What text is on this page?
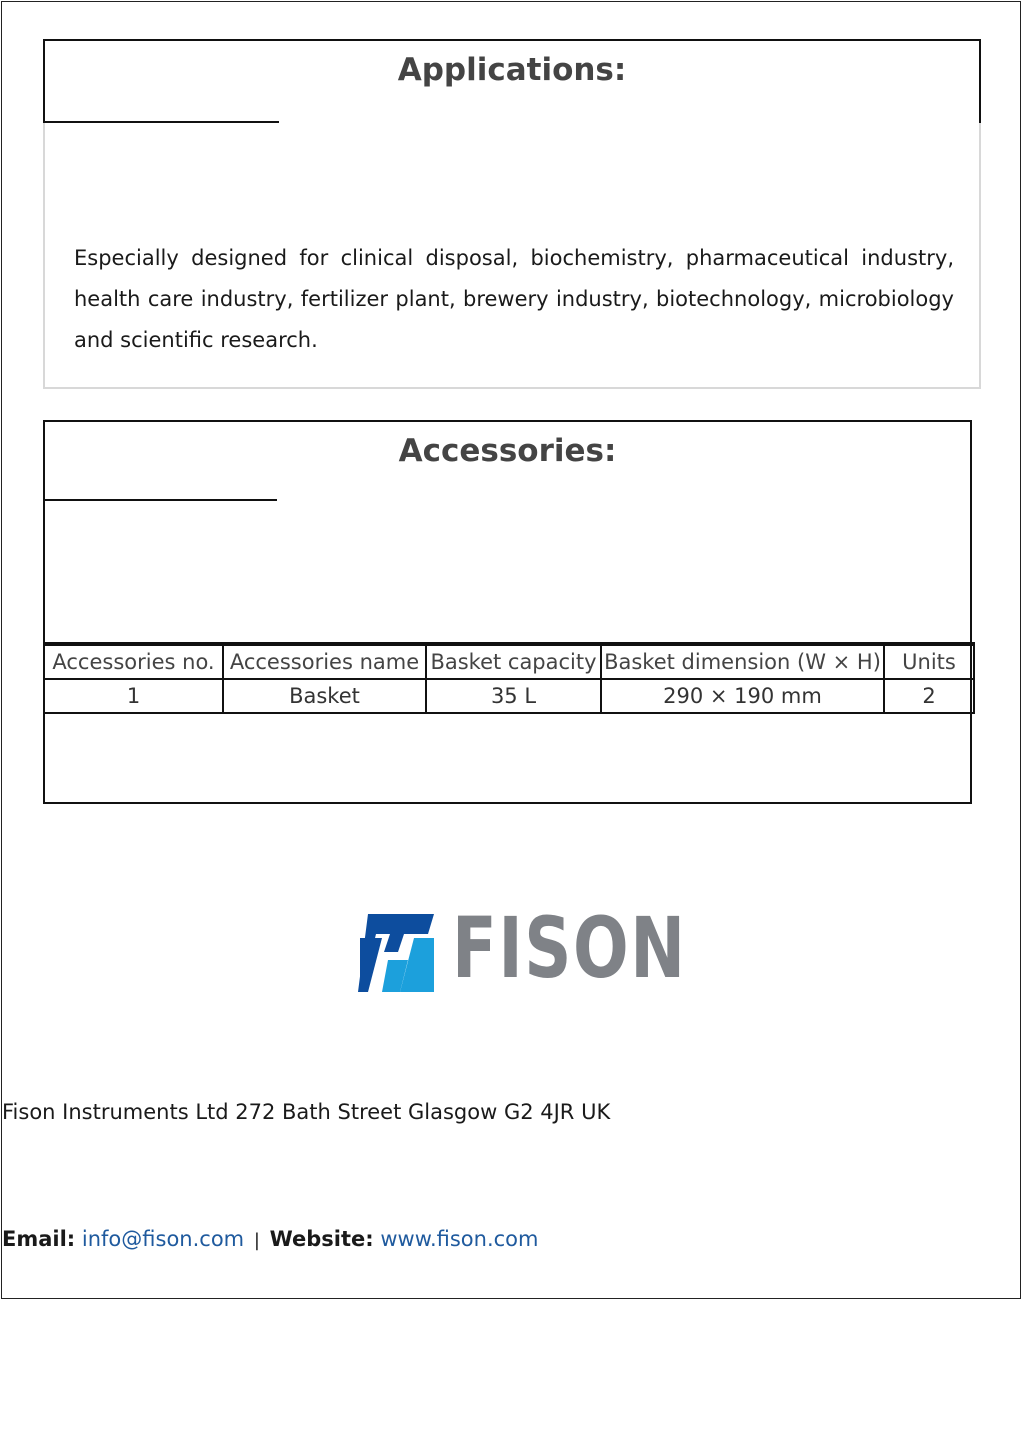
Applications:
Especially designed for clinical disposal, biochemistry, pharmaceutical industry, health care industry, fertilizer plant, brewery industry, biotechnology, microbiology and scientific research.
Accessories:
Accessories no.	Accessories name	Basket capacity	Basket dimension (W × H)	Units
1	Basket	35 L	290 × 190 mm	2
FISON
Fison Instruments Ltd 272 Bath Street Glasgow G2 4JR UK
Email: info@fison.com | Website: www.fison.com
